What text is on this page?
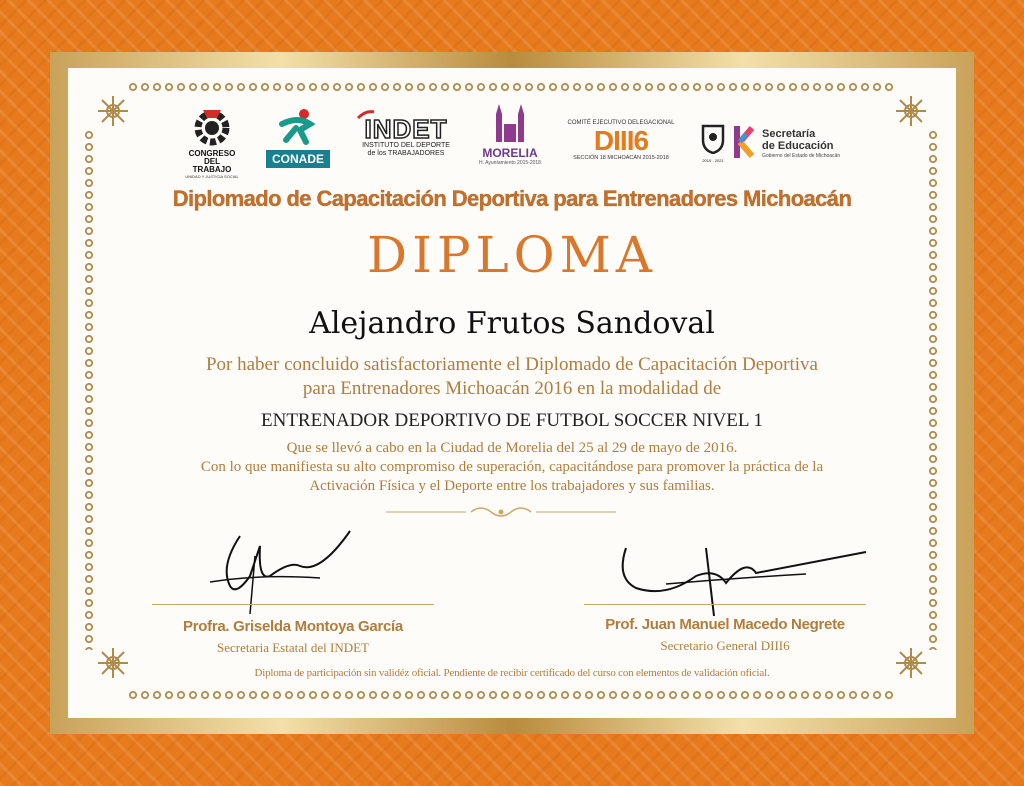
CONGRESO DEL TRABAJO
UNIDAD Y JUSTICIA SOCIAL
CONADE
INDET
INSTITUTO DEL DEPORTE
de los TRABAJADORES	MORELIA
H. Ayuntamiento 2015-2018
COMITÉ EJECUTIVO DELEGACIONAL
DIII6
SECCIÓN 18 MICHOACÁN 2015-2018	2015 - 2021
Secretaría
de Educación
Gobierno del Estado de Michoacán
Diplomado de Capacitación Deportiva para Entrenadores Michoacán
DIPLOMA
Alejandro Frutos Sandoval
Por haber concluido satisfactoriamente el Diplomado de Capacitación Deportiva
para Entrenadores Michoacán 2016 en la modalidad de
ENTRENADOR DEPORTIVO DE FUTBOL SOCCER NIVEL 1
Que se llevó a cabo en la Ciudad de Morelia del 25 al 29 de mayo de 2016.
Con lo que manifiesta su alto compromiso de superación, capacitándose para promover la práctica de la
Activación Física y el Deporte entre los trabajadores y sus familias.
Profra. Griselda Montoya García
Secretaria Estatal del INDET
Prof. Juan Manuel Macedo Negrete
Secretario General DIII6
Diploma de participación sin validéz oficial. Pendiente de recibir certificado del curso con elementos de validación oficial.
